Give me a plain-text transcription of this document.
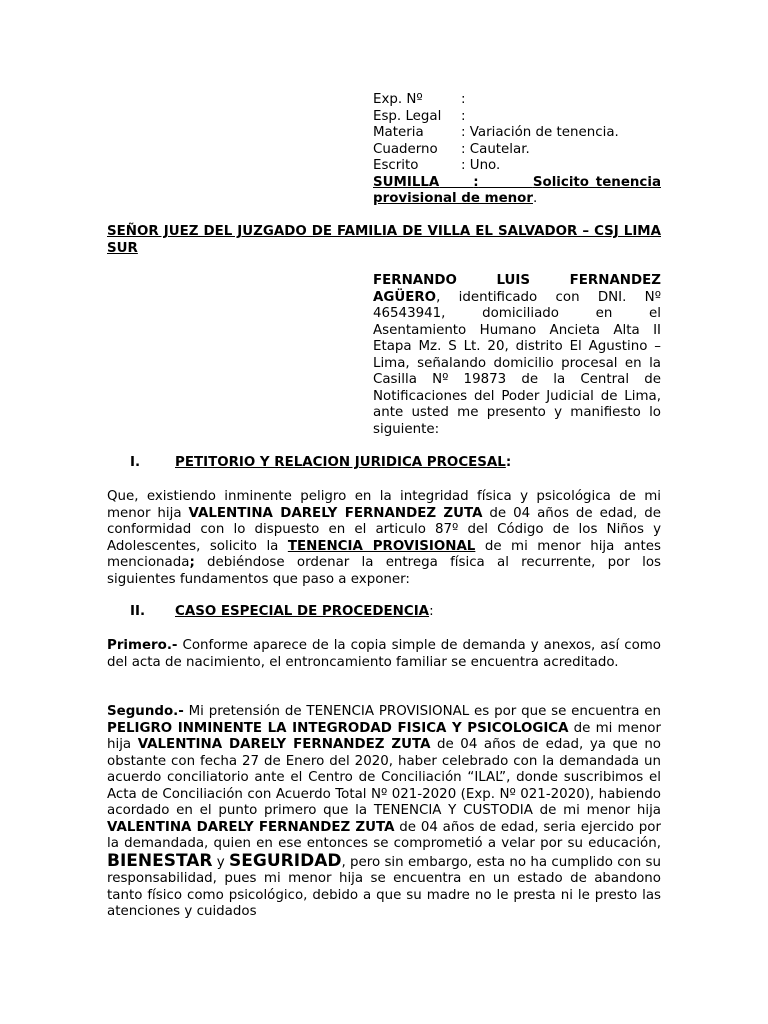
Exp. Nº	:
Esp. Legal	:
Materia	: Variación de tenencia.
Cuaderno	: Cautelar.
Escrito	: Uno.
SUMILLA	:	Solicito tenencia provisional de menor.
SEÑOR JUEZ DEL JUZGADO DE FAMILIA DE VILLA EL SALVADOR – CSJ LIMA SUR
FERNANDO LUIS FERNANDEZ AGÜERO, identificado con DNI. Nº 46543941, domiciliado en el Asentamiento Humano Ancieta Alta II Etapa Mz. S Lt. 20, distrito El Agustino – Lima, señalando domicilio procesal en la Casilla Nº 19873 de la Central de Notificaciones del Poder Judicial de Lima, ante usted me presento y manifiesto lo siguiente:
I.	PETITORIO Y RELACION JURIDICA PROCESAL:
Que, existiendo inminente peligro en la integridad física y psicológica de mi menor hija VALENTINA DARELY FERNANDEZ ZUTA de 04 años de edad, de conformidad con lo dispuesto en el articulo 87º del Código de los Niños y Adolescentes, solicito la TENENCIA PROVISIONAL de mi menor hija antes mencionada; debiéndose ordenar la entrega física al recurrente, por los siguientes fundamentos que paso a exponer:
II. CASO ESPECIAL DE PROCEDENCIA:
Primero.- Conforme aparece de la copia simple de demanda y anexos, así como del acta de nacimiento, el entroncamiento familiar se encuentra acreditado.
Segundo.- Mi pretensión de TENENCIA PROVISIONAL es por que se encuentra en PELIGRO INMINENTE LA INTEGRODAD FISICA Y PSICOLOGICA de mi menor hija VALENTINA DARELY FERNANDEZ ZUTA de 04 años de edad, ya que no obstante con fecha 27 de Enero del 2020, haber celebrado con la demandada un acuerdo conciliatorio ante el Centro de Conciliación “ILAL”, donde suscribimos el Acta de Conciliación con Acuerdo Total Nº 021-2020 (Exp. Nº 021-2020), habiendo acordado en el punto primero que la TENENCIA Y CUSTODIA de mi menor hija VALENTINA DARELY FERNANDEZ ZUTA de 04 años de edad, seria ejercido por la demandada, quien en ese entonces se comprometió a velar por su educación, BIENESTAR y SEGURIDAD, pero sin embargo, esta no ha cumplido con su responsabilidad, pues mi menor hija se encuentra en un estado de abandono tanto físico como psicológico, debido a que su madre no le presta ni le presto las atenciones y cuidados
